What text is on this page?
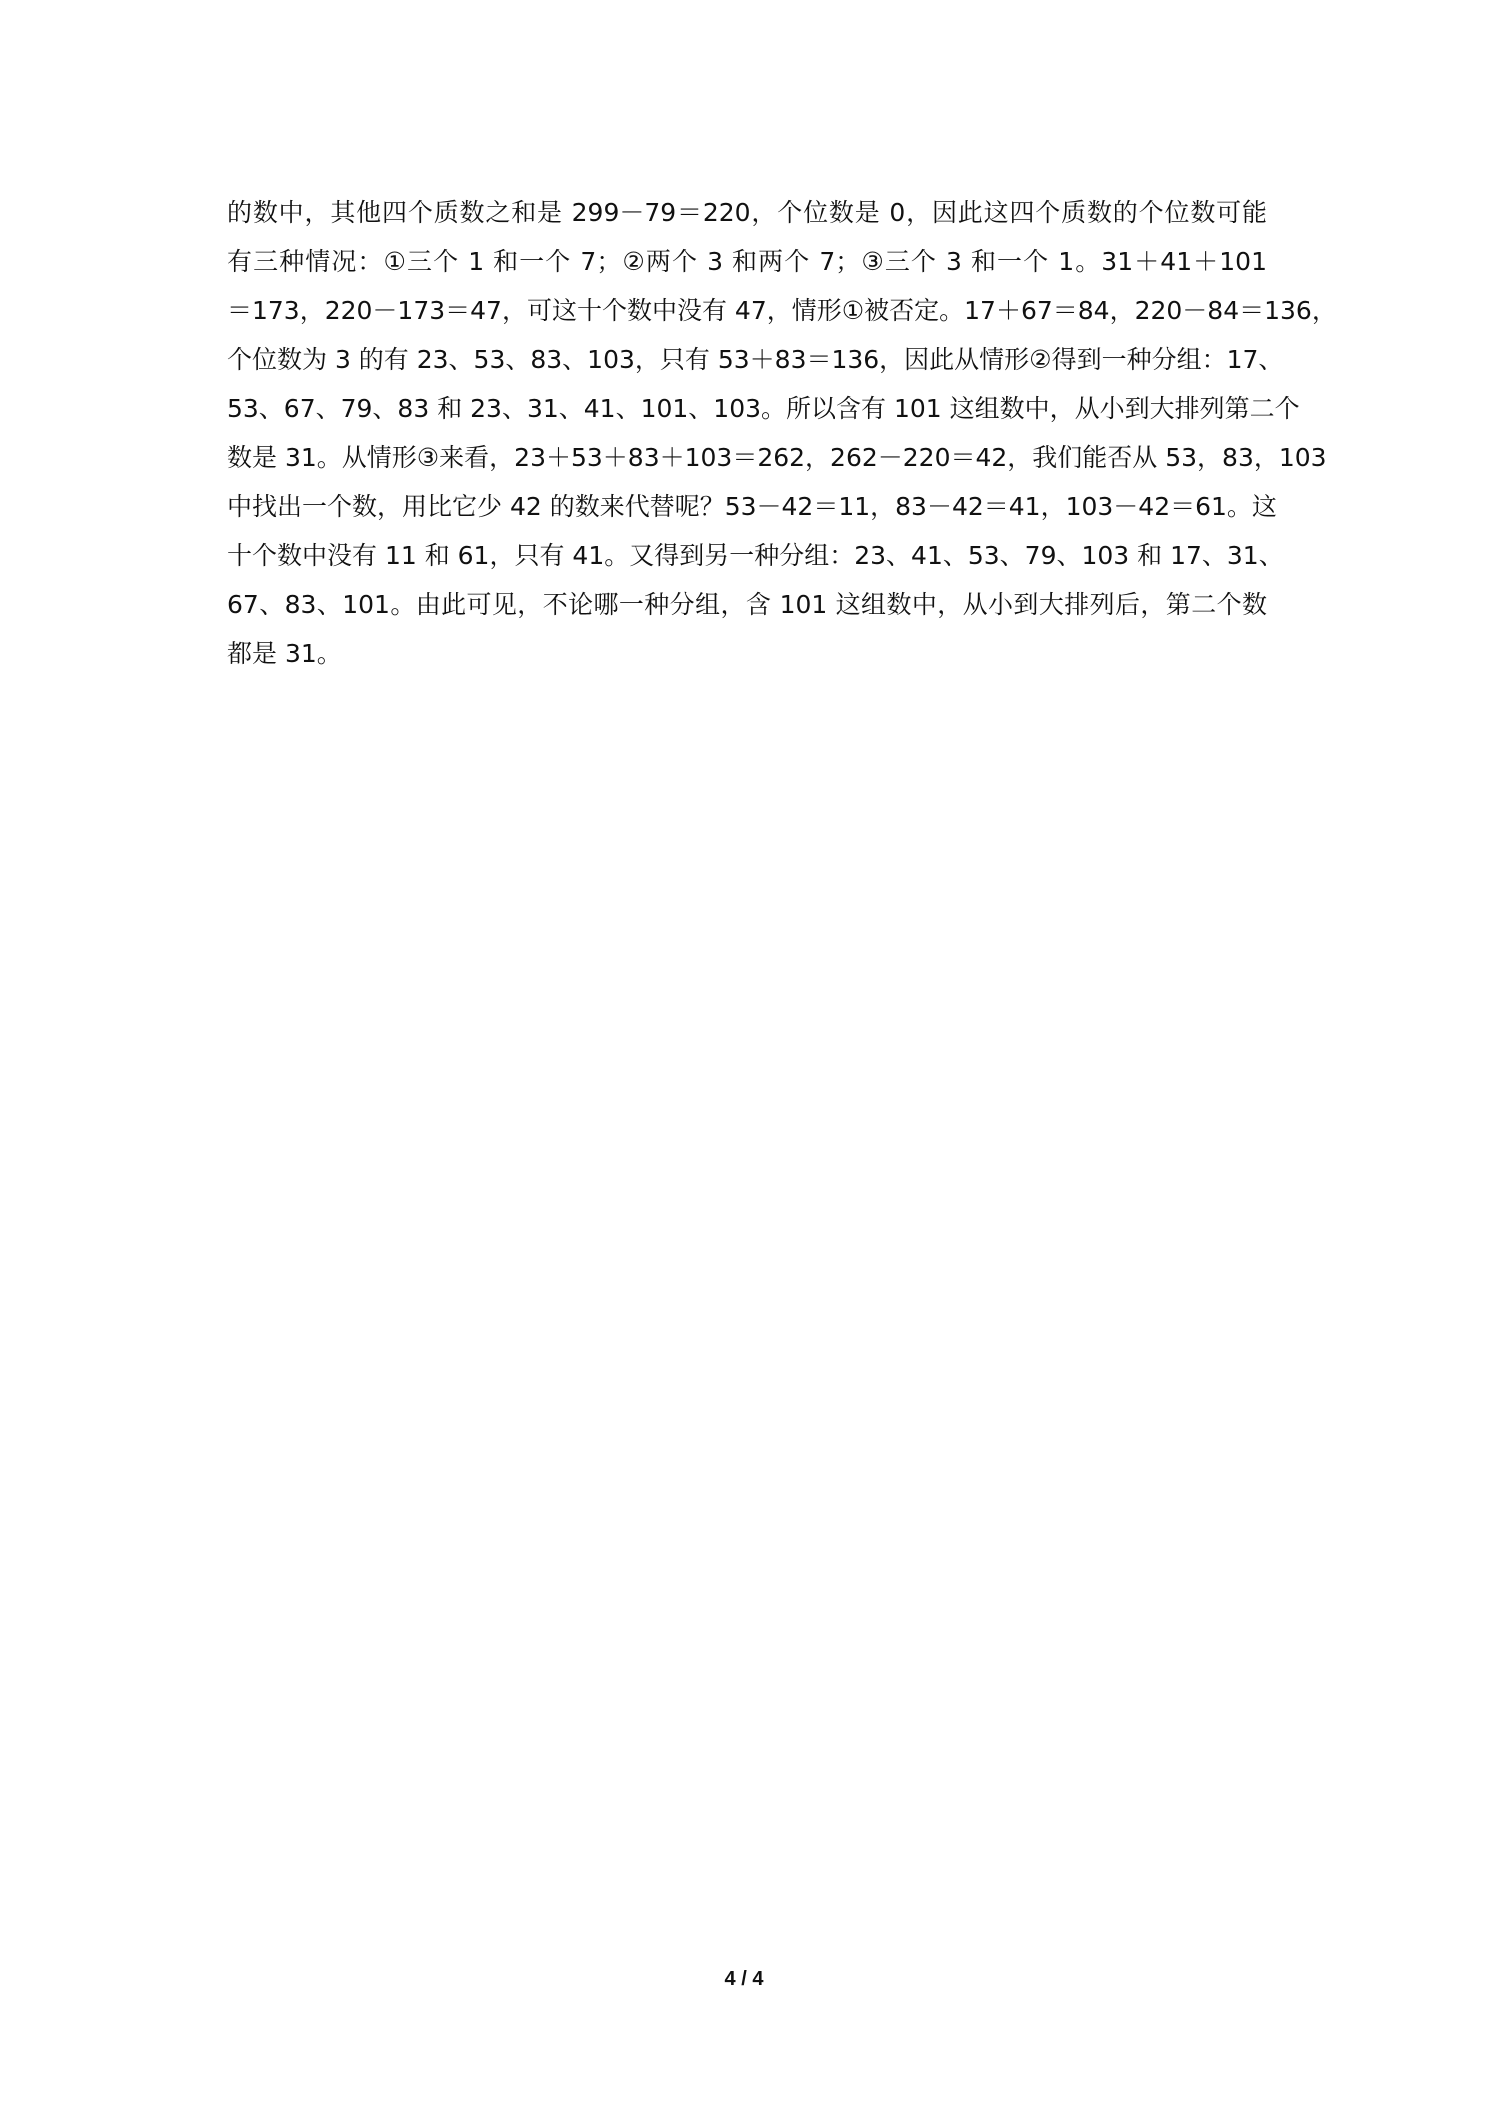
的数中，其他四个质数之和是 299－79＝220，个位数是 0，因此这四个质数的个位数可能
有三种情况：①三个 1 和一个 7；②两个 3 和两个 7；③三个 3 和一个 1。31＋41＋101
＝173，220－173＝47，可这十个数中没有 47，情形①被否定。17＋67＝84，220－84＝136，
个位数为 3 的有 23、53、83、103，只有 53＋83＝136，因此从情形②得到一种分组：17、
53、67、79、83 和 23、31、41、101、103。所以含有 101 这组数中，从小到大排列第二个
数是 31。从情形③来看，23＋53＋83＋103＝262，262－220＝42，我们能否从 53，83，103
中找出一个数，用比它少 42 的数来代替呢？53－42＝11，83－42＝41，103－42＝61。这
十个数中没有 11 和 61，只有 41。又得到另一种分组：23、41、53、79、103 和 17、31、
67、83、101。由此可见，不论哪一种分组，含 101 这组数中，从小到大排列后，第二个数
都是 31。
4 / 4
